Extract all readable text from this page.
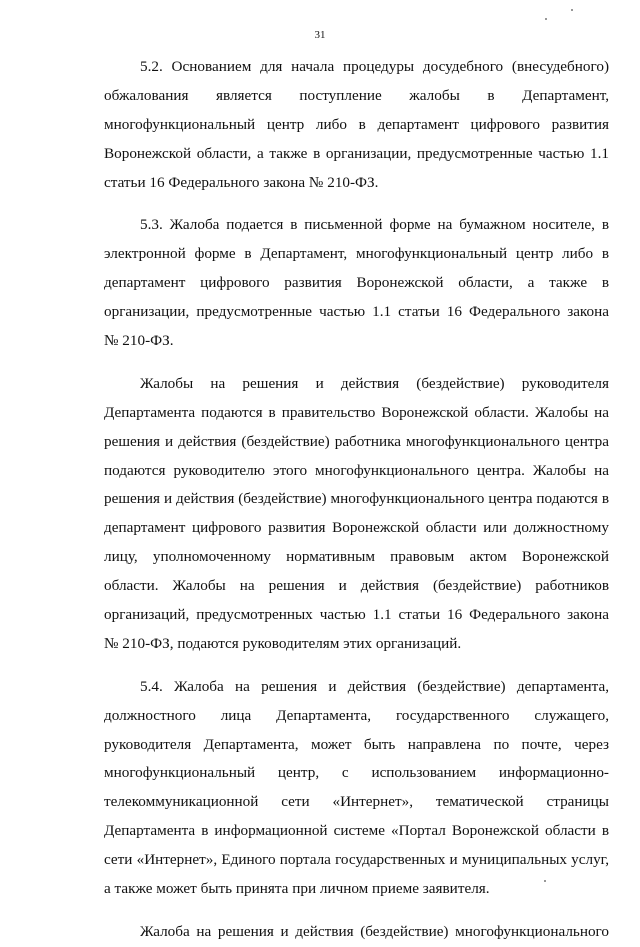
31
5.2. Основанием для начала процедуры досудебного (внесудебного)
обжалования является поступление жалобы в Департамент,
многофункциональный центр либо в департамент цифрового развития
Воронежской области, а также в организации, предусмотренные частью 1.1
статьи 16 Федерального закона № 210-ФЗ.
5.3. Жалоба подается в письменной форме на бумажном носителе, в
электронной форме в Департамент, многофункциональный центр либо в
департамент цифрового развития Воронежской области, а также в
организации, предусмотренные частью 1.1 статьи 16 Федерального закона
№ 210-ФЗ.
Жалобы на решения и действия (бездействие) руководителя
Департамента подаются в правительство Воронежской области. Жалобы на
решения и действия (бездействие) работника многофункционального центра
подаются руководителю этого многофункционального центра. Жалобы на
решения и действия (бездействие) многофункционального центра подаются в
департамент цифрового развития Воронежской области или должностному
лицу, уполномоченному нормативным правовым актом Воронежской
области. Жалобы на решения и действия (бездействие) работников
организаций, предусмотренных частью 1.1 статьи 16 Федерального закона
№ 210-ФЗ, подаются руководителям этих организаций.
5.4. Жалоба на решения и действия (бездействие) департамента,
должностного лица Департамента, государственного служащего,
руководителя Департамента, может быть направлена по почте, через
многофункциональный центр, с использованием информационно-
телекоммуникационной сети «Интернет», тематической страницы
Департамента в информационной системе «Портал Воронежской области в
сети «Интернет», Единого портала государственных и муниципальных услуг,
а также может быть принята при личном приеме заявителя.
Жалоба на решения и действия (бездействие) многофункционального
